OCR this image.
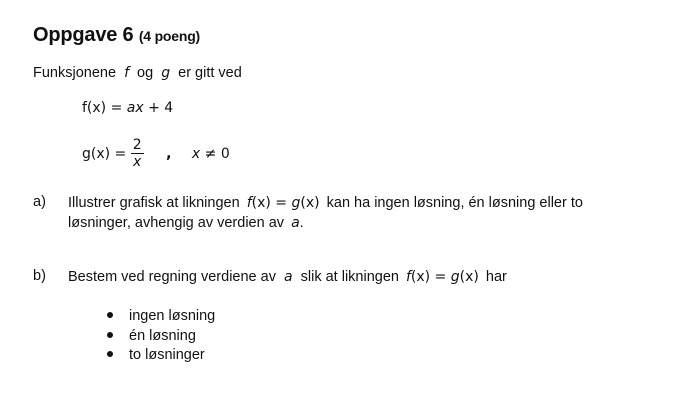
Oppgave 6 (4 poeng)
Funksjonene f og g er gitt ved
f(x) = ax + 4
$g(x) = \frac{2}{x}$ , x ≠ 0
a) Illustrer grafisk at likningen f(x) = g(x) kan ha ingen løsning, én løsning eller to
løsninger, avhengig av verdien av a.
b) Bestem ved regning verdiene av a slik at likningen f(x) = g(x) har
ingen løsning
én løsning
to løsninger
